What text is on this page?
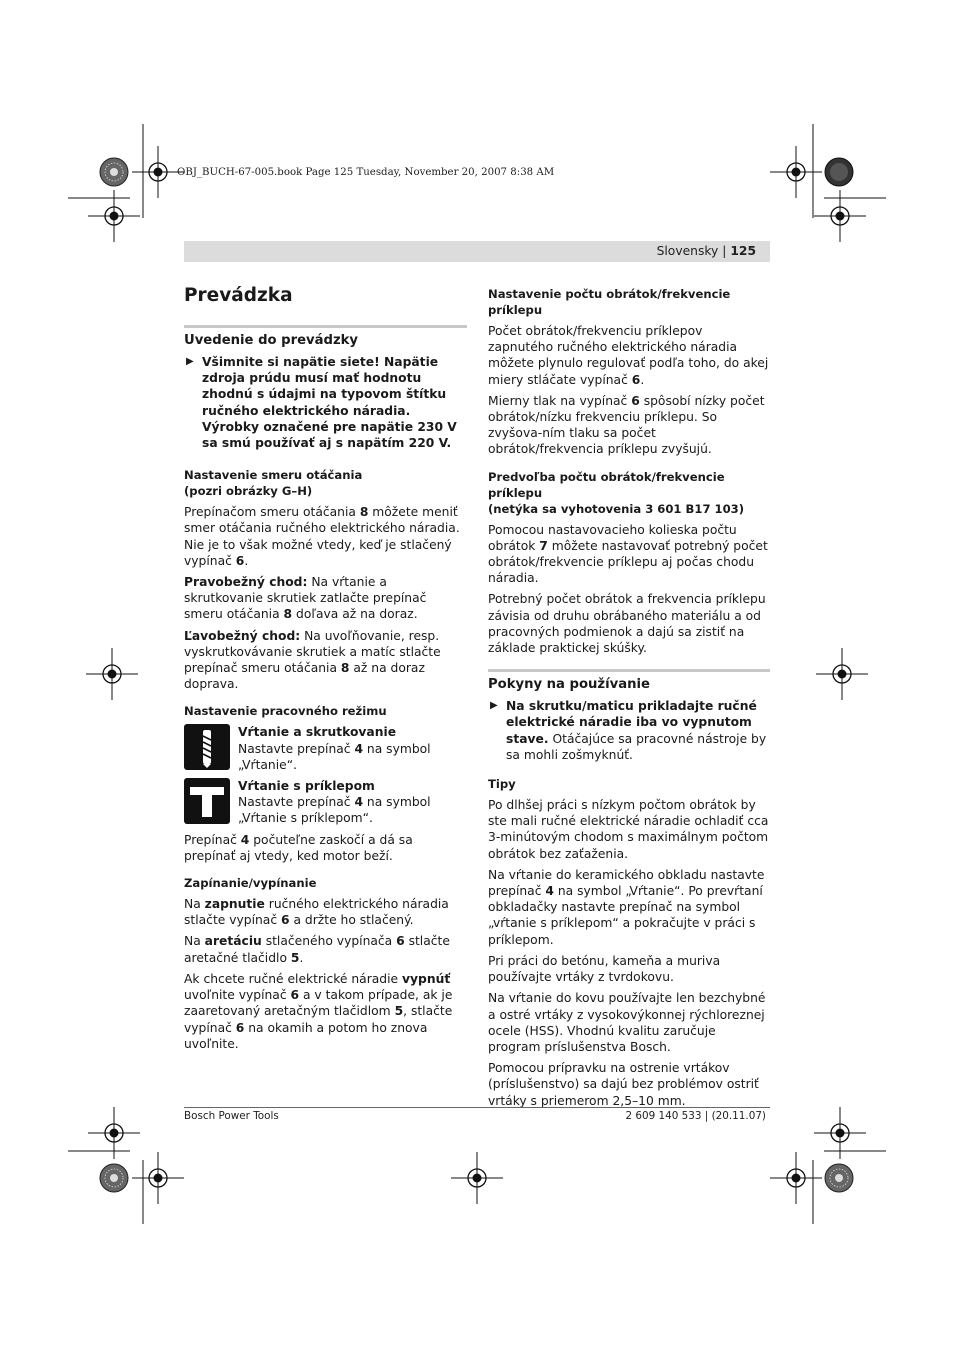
OBJ_BUCH-67-005.book Page 125 Tuesday, November 20, 2007 8:38 AM
Slovensky | 125
Prevádzka
Uvedenie do prevádzky
▶ Všimnite si napätie siete! Napätie zdroja prúdu musí mať hodnotu zhodnú s údajmi na typovom štítku ručného elektrického náradia. Výrobky označené pre napätie 230 V sa smú používať aj s napätím 220 V.
Nastavenie smeru otáčania
(pozri obrázky G–H)

Prepínačom smeru otáčania 8 môžete meniť smer otáčania ručného elektrického náradia. Nie je to však možné vtedy, keď je stlačený vypínač 6.

Pravobežný chod: Na vŕtanie a skrutkovanie skrutiek zatlačte prepínač smeru otáčania 8 doľava až na doraz.

Ľavobežný chod: Na uvoľňovanie, resp. vyskrutkovávanie skrutiek a matíc stlačte prepínač smeru otáčania 8 až na doraz doprava.

Nastavenie pracovného režimu
Vŕtanie a skrutkovanie
Nastavte prepínač 4 na symbol „Vŕtanie“.
Vŕtanie s príklepom
Nastavte prepínač 4 na symbol „Vŕtanie s príklepom“.

Prepínač 4 počuteľne zaskočí a dá sa prepínať aj vtedy, ked motor beží.

Zapínanie/vypínanie

Na zapnutie ručného elektrického náradia stlačte vypínač 6 a držte ho stlačený.

Na aretáciu stlačeného vypínača 6 stlačte aretačné tlačidlo 5.

Ak chcete ručné elektrické náradie vypnúť uvoľnite vypínač 6 a v takom prípade, ak je zaaretovaný aretačným tlačidlom 5, stlačte vypínač 6 na okamih a potom ho znova uvoľnite.

Nastavenie počtu obrátok/frekvencie príklepu

Počet obrátok/frekvenciu príklepov zapnutého ručného elektrického náradia môžete plynulo regulovať podľa toho, do akej miery stláčate vypínač 6.

Mierny tlak na vypínač 6 spôsobí nízky počet obrátok/nízku frekvenciu príklepu. So zvyšova-ním tlaku sa počet obrátok/frekvencia príklepu zvyšujú.

Predvoľba počtu obrátok/frekvencie príklepu
(netýka sa vyhotovenia 3 601 B17 103)

Pomocou nastavovacieho kolieska počtu obrátok 7 môžete nastavovať potrebný počet obrátok/frekvencie príklepu aj počas chodu náradia.

Potrebný počet obrátok a frekvencia príklepu závisia od druhu obrábaného materiálu a od pracovných podmienok a dajú sa zistiť na základe praktickej skúšky.

Pokyny na používanie
▶ Na skrutku/maticu prikladajte ručné elektrické náradie iba vo vypnutom stave. Otáčajúce sa pracovné nástroje by sa mohli zošmyknúť.
Tipy

Po dlhšej práci s nízkym počtom obrátok by ste mali ručné elektrické náradie ochladiť cca 3-minútovým chodom s maximálnym počtom obrátok bez zaťaženia.

Na vŕtanie do keramického obkladu nastavte prepínač 4 na symbol „Vŕtanie“. Po prevŕtaní obkladačky nastavte prepínač na symbol „vŕtanie s príklepom“ a pokračujte v práci s príklepom.

Pri práci do betónu, kameňa a muriva používajte vrtáky z tvrdokovu.

Na vŕtanie do kovu používajte len bezchybné a ostré vrtáky z vysokovýkonnej rýchloreznej ocele (HSS). Vhodnú kvalitu zaručuje program príslušenstva Bosch.

Pomocou prípravku na ostrenie vrtákov (príslušenstvo) sa dajú bez problémov ostriť vrtáky s priemerom 2,5–10 mm.

Bosch Power Tools	2 609 140 533 | (20.11.07)
